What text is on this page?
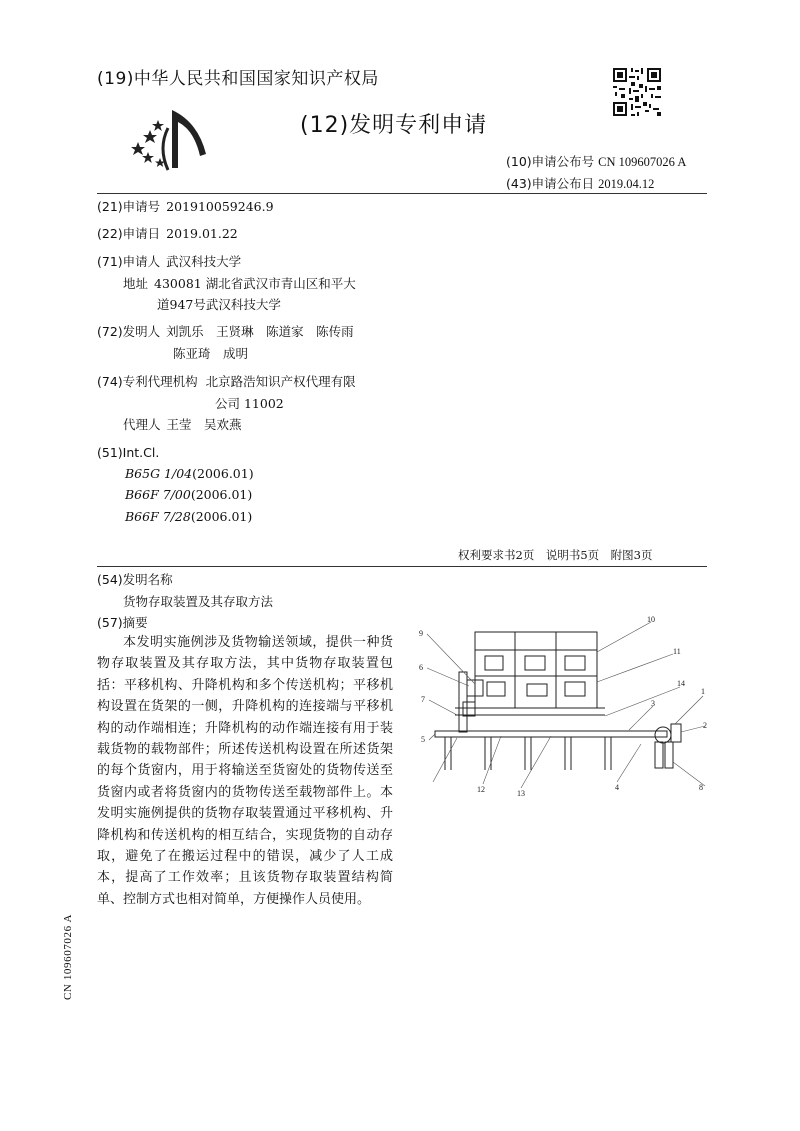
(19)中华人民共和国国家知识产权局
(12)发明专利申请
(10)申请公布号 CN 109607026 A
(43)申请公布日 2019.04.12
(21)申请号 201910059246.9
(22)申请日 2019.01.22
(71)申请人 武汉科技大学
地址 430081 湖北省武汉市青山区和平大
道947号武汉科技大学
(72)发明人 刘凯乐　王贤琳　陈道家　陈传雨
陈亚琦　成明
(74)专利代理机构 北京路浩知识产权代理有限
公司 11002
代理人 王莹　吴欢燕
(51)Int.Cl.
B65G 1/04(2006.01)
B66F 7/00(2006.01)
B66F 7/28(2006.01)
权利要求书2页　说明书5页　附图3页
(54)发明名称
货物存取装置及其存取方法
(57)摘要
本发明实施例涉及货物输送领域，提供一种货物存取装置及其存取方法，其中货物存取装置包括：平移机构、升降机构和多个传送机构；平移机构设置在货架的一侧，升降机构的连接端与平移机构的动作端相连；升降机构的动作端连接有用于装载货物的载物部件；所述传送机构设置在所述货架的每个货窗内，用于将输送至货窗处的货物传送至货窗内或者将货窗内的货物传送至载物部件上。本发明实施例提供的货物存取装置通过平移机构、升降机构和传送机构的相互结合，实现货物的自动存取，避免了在搬运过程中的错误，减少了人工成本，提高了工作效率；且该货物存取装置结构简单、控制方式也相对简单，方便操作人员使用。
9
6
10
11
7
14
3
1
2
5
4	8
12	13
CN 109607026 A
